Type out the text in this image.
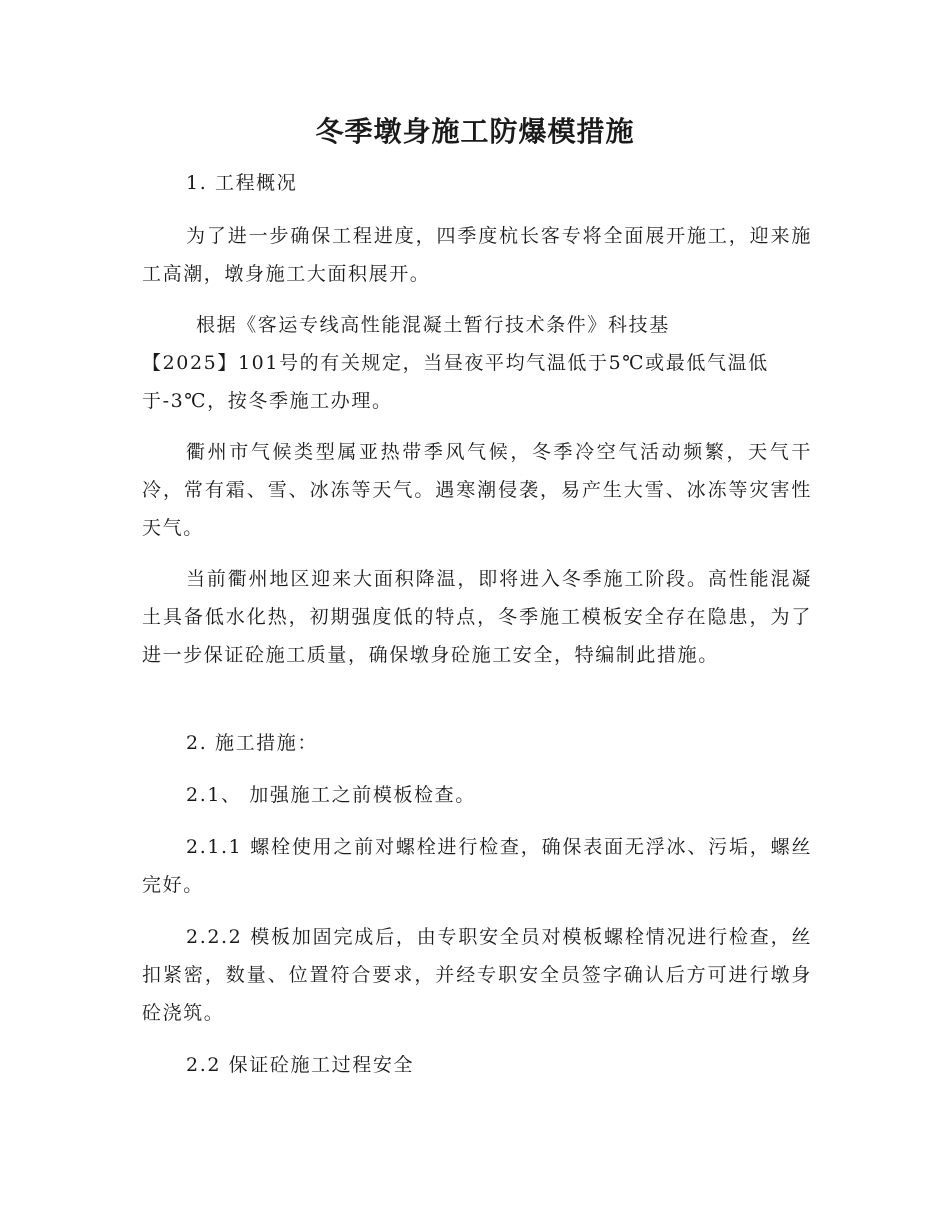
冬季墩身施工防爆模措施
1. 工程概况

为了进一步确保工程进度，四季度杭长客专将全面展开施工，迎来施工高潮，墩身施工大面积展开。

根据《客运专线高性能混凝土暂行技术条件》科技基
【2025】101号的有关规定，当昼夜平均气温低于5℃或最低气温低
于-3℃，按冬季施工办理。

衢州市气候类型属亚热带季风气候，冬季冷空气活动频繁，天气干冷，常有霜、雪、冰冻等天气。遇寒潮侵袭，易产生大雪、冰冻等灾害性天气。

当前衢州地区迎来大面积降温，即将进入冬季施工阶段。高性能混凝土具备低水化热，初期强度低的特点，冬季施工模板安全存在隐患，为了进一步保证砼施工质量，确保墩身砼施工安全，特编制此措施。

2. 施工措施：
2.1、 加强施工之前模板检查。

2.1.1 螺栓使用之前对螺栓进行检查，确保表面无浮冰、污垢，螺丝完好。

2.2.2 模板加固完成后，由专职安全员对模板螺栓情况进行检查，丝扣紧密，数量、位置符合要求，并经专职安全员签字确认后方可进行墩身砼浇筑。

2.2 保证砼施工过程安全
